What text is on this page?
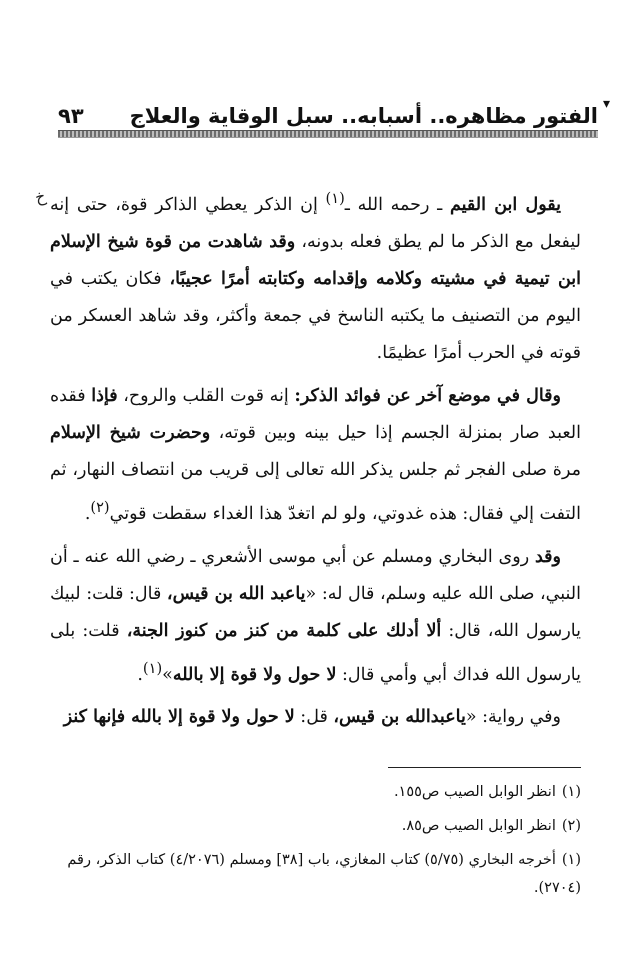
الفتور مظاهره.. أسبابه.. سبل الوقاية والعلاج
٩٣	▾
خ	يقول ابن القيم ـ رحمه الله ـ$^{(١)}$ إن الذكر يعطي الذاكر قوة، حتى إنه ليفعل مع الذكر ما لم يطق فعله بدونه، وقد شاهدت من قوة شيخ الإسلام ابن تيمية في مشيته وكلامه وإقدامه وكتابته أمرًا عجيبًا، فكان يكتب في اليوم من التصنيف ما يكتبه الناسخ في جمعة وأكثر، وقد شاهد العسكر من قوته في الحرب أمرًا عظيمًا.

وقال في موضع آخر عن فوائد الذكر: إنه قوت القلب والروح، فإذا فقده العبد صار بمنزلة الجسم إذا حيل بينه وبين قوته، وحضرت شيخ الإسلام مرة صلى الفجر ثم جلس يذكر الله تعالى إلى قريب من انتصاف النهار، ثم التفت إلي فقال: هذه غدوتي، ولو لم اتغدّ هذا الغداء سقطت قوتي$^{(٢)}$.

وقد روى البخاري ومسلم عن أبي موسى الأشعري ـ رضي الله عنه ـ أن النبي، صلى الله عليه وسلم، قال له: «ياعبد الله بن قيس، قال: قلت: لبيك يارسول الله، قال: ألا أدلك على كلمة من كنز من كنوز الجنة، قلت: بلى يارسول الله فداك أبي وأمي قال: لا حول ولا قوة إلا بالله»$^{(١)}$.

وفي رواية: «ياعبدالله بن قيس، قل: لا حول ولا قوة إلا بالله فإنها كنز

(١)انظر الوابل الصيب ص١٥٥.
(٢)انظر الوابل الصيب ص٨٥.
(١)أخرجه البخاري (٥/٧٥) كتاب المغازي، باب [٣٨] ومسلم (٤/٢٠٧٦) كتاب الذكر، رقم (٢٧٠٤).
